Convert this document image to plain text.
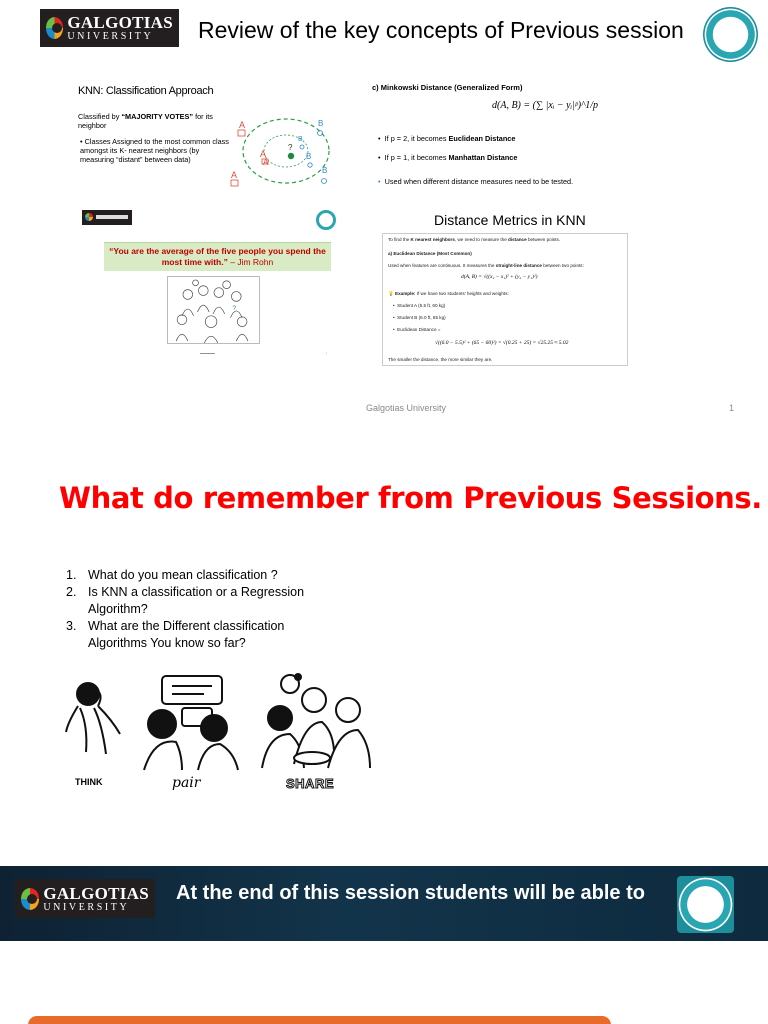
GALGOTIAS
UNIVERSITY	Review of the key concepts of Previous session
KNN: Classification Approach
Classified by “MAJORITY VOTES” for its neighbor
• Classes Assigned to the most common class amongst its K- nearest neighbors (by measuring “distant” between data)
A
A
A
A
B
B
B
B
?
c) Minkowski Distance (Generalized Form)
d(A, B) = (∑ |xᵢ − yᵢ|ᵖ)^1/p
•  If p = 2, it becomes Euclidean Distance
•  If p = 1, it becomes Manhattan Distance
• Used when different distance measures need to be tested.
“You are the average of the five people you spend the most time with.” – Jim Rohn
?
▬▬▬▬▬	▪
Distance Metrics in KNN
To find the K nearest neighbors, we need to measure the distance between points.
a) Euclidean Distance (Most Common)
Used when features are continuous. It measures the straight-line distance between two points:
d(A, B) = √((x₂ − x₁)² + (y₂ − y₁)²)
💡 Example: If we have two students' heights and weights:
•  Student A (5.5 ft, 60 kg)
•  Student B (6.0 ft, 65 kg)
•  Euclidean Distance =
√((6.0 − 5.5)² + (65 − 60)²) = √(0.25 + 25) = √25.25 ≈ 5.02
The smaller the distance, the more similar they are.
Galgotias University	1
What do remember from Previous Sessions.
1. What do you mean classification ?
2. Is KNN a classification or a Regression Algorithm?
3. What are the Different classification Algorithms You know so far?
THINK	pair	SHARE
GALGOTIAS
UNIVERSITY
At the end of this session students will be able to
